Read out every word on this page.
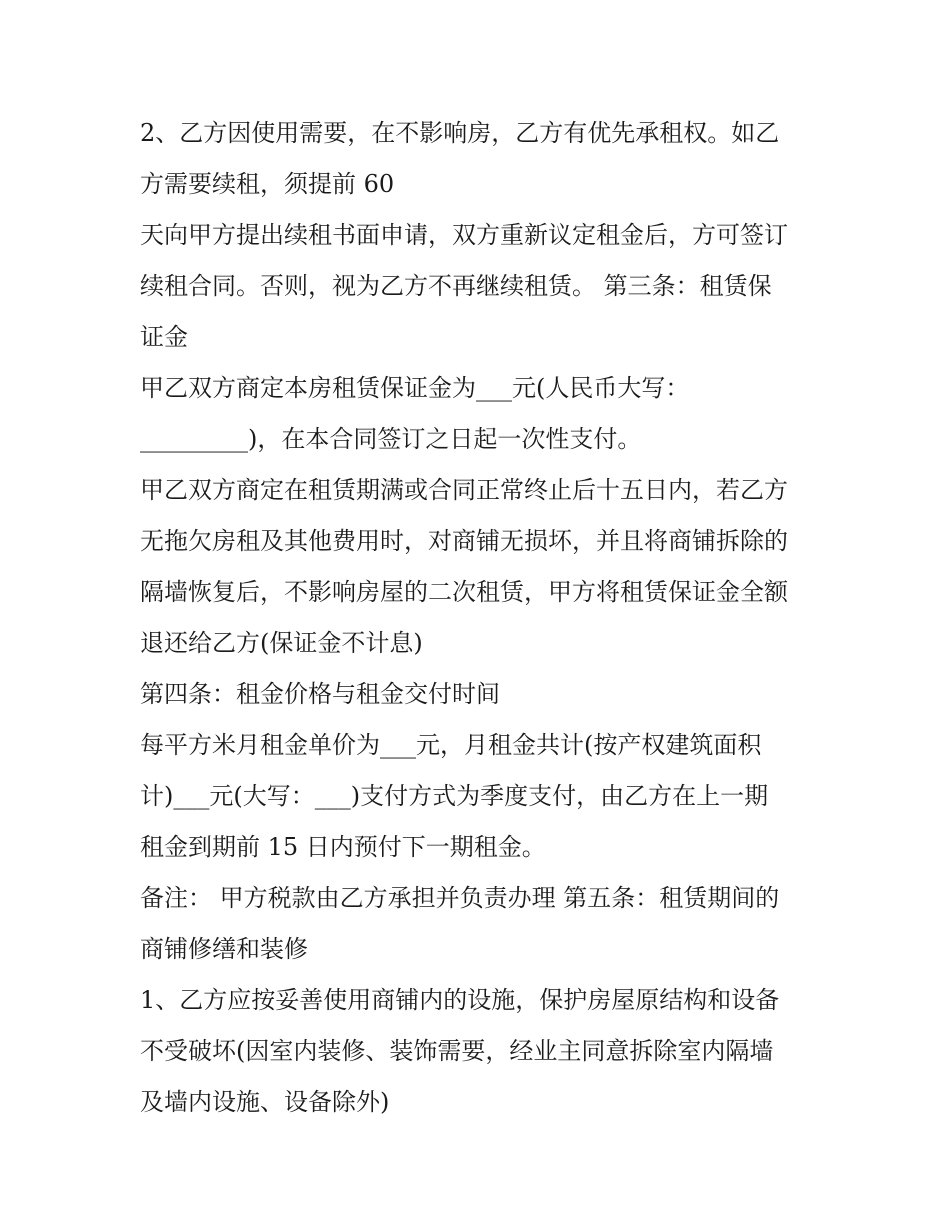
2、乙方因使用需要，在不影响房，乙方有优先承租权。如乙
方需要续租，须提前 60
天向甲方提出续租书面申请，双方重新议定租金后，方可签订
续租合同。否则，视为乙方不再继续租赁。 第三条：租赁保
证金
甲乙双方商定本房租赁保证金为___元(人民币大写：
_________)，在本合同签订之日起一次性支付。
甲乙双方商定在租赁期满或合同正常终止后十五日内，若乙方
无拖欠房租及其他费用时，对商铺无损坏，并且将商铺拆除的
隔墙恢复后，不影响房屋的二次租赁，甲方将租赁保证金全额
退还给乙方(保证金不计息)
第四条：租金价格与租金交付时间
每平方米月租金单价为___元，月租金共计(按产权建筑面积
计)___元(大写：___)支付方式为季度支付，由乙方在上一期
租金到期前 15 日内预付下一期租金。
备注： 甲方税款由乙方承担并负责办理 第五条：租赁期间的
商铺修缮和装修
1、乙方应按妥善使用商铺内的设施，保护房屋原结构和设备
不受破坏(因室内装修、装饰需要，经业主同意拆除室内隔墙
及墙内设施、设备除外)
